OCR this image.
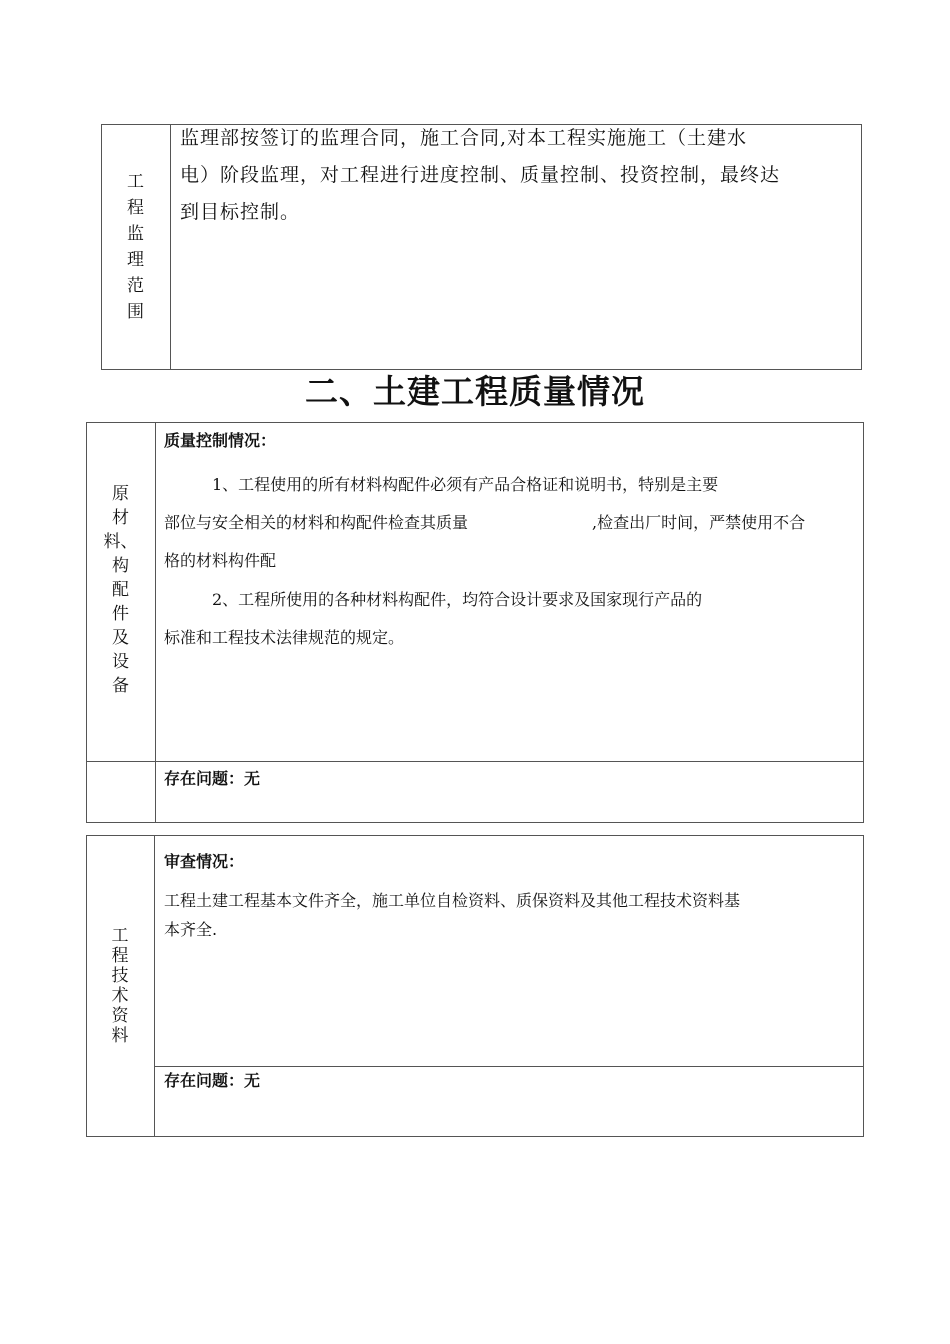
工
程
监
理
范
围
监理部按签订的监理合同，施工合同,对本工程实施施工（土建水
电）阶段监理，对工程进行进度控制、质量控制、投资控制，最终达
到目标控制。
二、土建工程质量情况
原
材
料、
构
配
件
及
设
备
质量控制情况：
1、工程使用的所有材料构配件必须有产品合格证和说明书，特别是主要
部位与安全相关的材料和构配件检查其质量	,检查出厂时间，严禁使用不合
格的材料构件配
2、工程所使用的各种材料构配件，均符合设计要求及国家现行产品的
标准和工程技术法律规范的规定。
存在问题：无
工
程
技
术
资
料
审查情况：
工程土建工程基本文件齐全，施工单位自检资料、质保资料及其他工程技术资料基
本齐全.
存在问题：无
